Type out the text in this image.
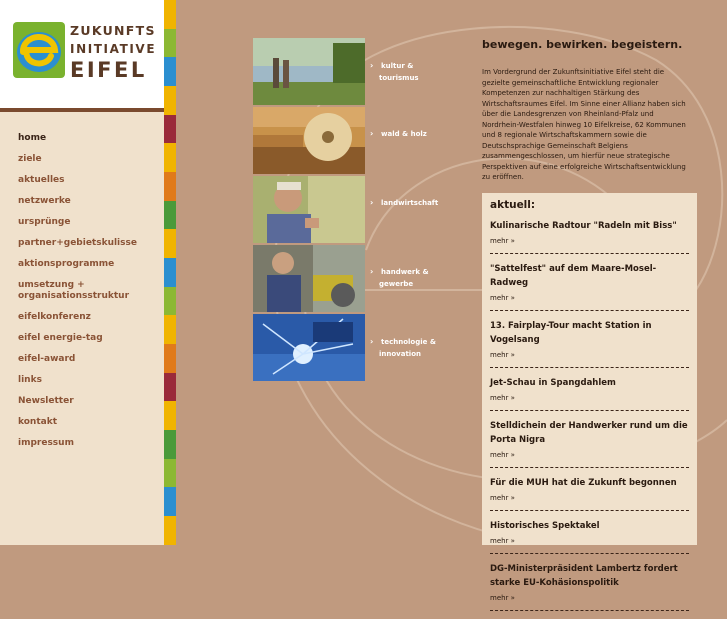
ZUKUNFTS
INITIATIVE
EIFEL
home
ziele
aktuelles
netzwerke
ursprünge
partner+gebietskulisse
aktionsprogramme
umsetzung + organisationsstruktur
eifelkonferenz
eifel energie-tag
eifel-award
links
Newsletter
kontakt
impressum
›	kultur &
tourismus
›	wald & holz
›	landwirtschaft
›	handwerk &
gewerbe
›	technologie &
innovation
bewegen. bewirken. begeistern.
Im Vordergrund der Zukunftsinitiative Eifel steht die gezielte gemeinschaftliche Entwicklung regionaler Kompetenzen zur nachhaltigen Stärkung des Wirtschaftsraumes Eifel. Im Sinne einer Allianz haben sich über die Landesgrenzen von Rheinland-Pfalz und Nordrhein-Westfalen hinweg 10 Eifelkreise, 62 Kommunen und 8 regionale Wirtschaftskammern sowie die Deutschsprachige Gemeinschaft Belgiens zusammengeschlossen, um hierfür neue strategische Perspektiven auf eine erfolgreiche Wirtschaftsentwicklung zu eröffnen.
aktuell:
Kulinarische Radtour "Radeln mit Biss"
mehr »
"Sattelfest" auf dem Maare-Mosel-Radweg
mehr »
13. Fairplay-Tour macht Station in Vogelsang
mehr »
Jet-Schau in Spangdahlem
mehr »
Stelldichein der Handwerker rund um die Porta Nigra
mehr »
Für die MUH hat die Zukunft begonnen
mehr »
Historisches Spektakel
mehr »
DG-Ministerpräsident Lambertz fordert starke EU-Kohäsionspolitik
mehr »
